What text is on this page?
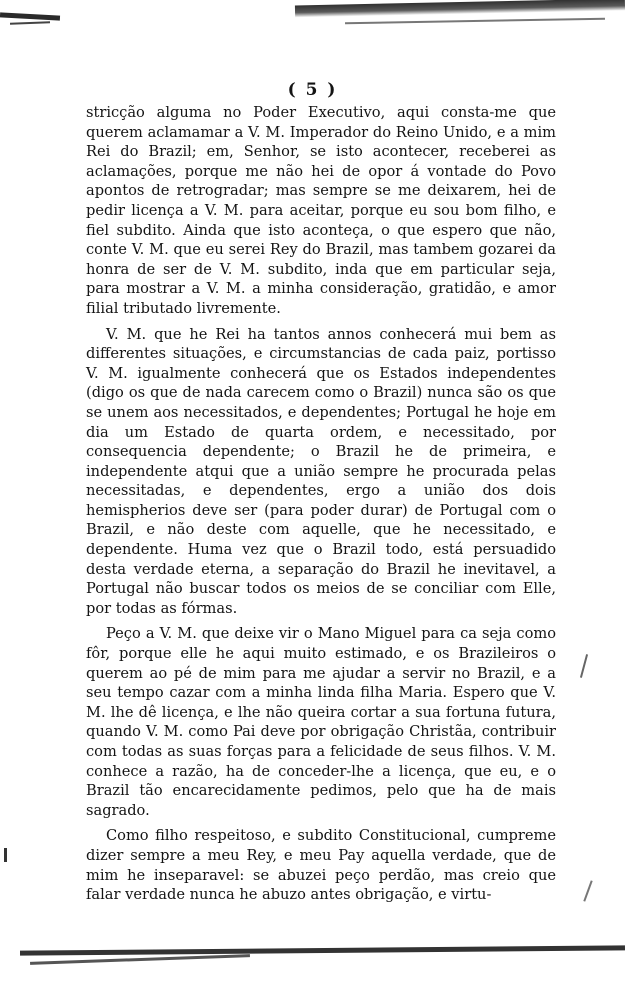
( 5 )

stricção alguma no Poder Executivo, aqui consta-me que querem aclamamar a V. M. Imperador do Reino Unido, e a mim Rei do Brazil; em, Senhor, se isto acontecer, receberei as aclamações, porque me não hei de opor á vontade do Povo apontos de retrogradar; mas sempre se me deixarem, hei de pedir licença a V. M. para aceitar, porque eu sou bom filho, e fiel subdito. Ainda que isto aconteça, o que espero que não, conte V. M. que eu serei Rey do Brazil, mas tambem gozarei da honra de ser de V. M. subdito, inda que em particular seja, para mostrar a V. M. a minha consideração, gratidão, e amor filial tributado livremente.

V. M. que he Rei ha tantos annos conhecerá mui bem as differentes situações, e circumstancias de cada paiz, portisso V. M. igualmente conhecerá que os Estados independentes (digo os que de nada carecem como o Brazil) nunca são os que se unem aos necessitados, e dependentes; Portugal he hoje em dia um Estado de quarta ordem, e necessitado, por consequencia dependente; o Brazil he de primeira, e independente atqui que a união sempre he procurada pelas necessitadas, e dependentes, ergo a união dos dois hemispherios deve ser (para poder durar) de Portugal com o Brazil, e não deste com aquelle, que he necessitado, e dependente. Huma vez que o Brazil todo, está persuadido desta verdade eterna, a separação do Brazil he inevitavel, a Portugal não buscar todos os meios de se conciliar com Elle, por todas as fórmas.

Peço a V. M. que deixe vir o Mano Miguel para ca seja como fôr, porque elle he aqui muito estimado, e os Brazileiros o querem ao pé de mim para me ajudar a servir no Brazil, e a seu tempo cazar com a minha linda filha Maria. Espero que V. M. lhe dê licença, e lhe não queira cortar a sua fortuna futura, quando V. M. como Pai deve por obrigação Christãa, contribuir com todas as suas forças para a felicidade de seus filhos. V. M. conhece a razão, ha de conceder-lhe a licença, que eu, e o Brazil tão encarecidamente pedimos, pelo que ha de mais sagrado.

Como filho respeitoso, e subdito Constitucional, cumpreme dizer sempre a meu Rey, e meu Pay aquella verdade, que de mim he inseparavel: se abuzei peço perdão, mas creio que falar verdade nunca he abuzo antes obrigação, e virtu-
